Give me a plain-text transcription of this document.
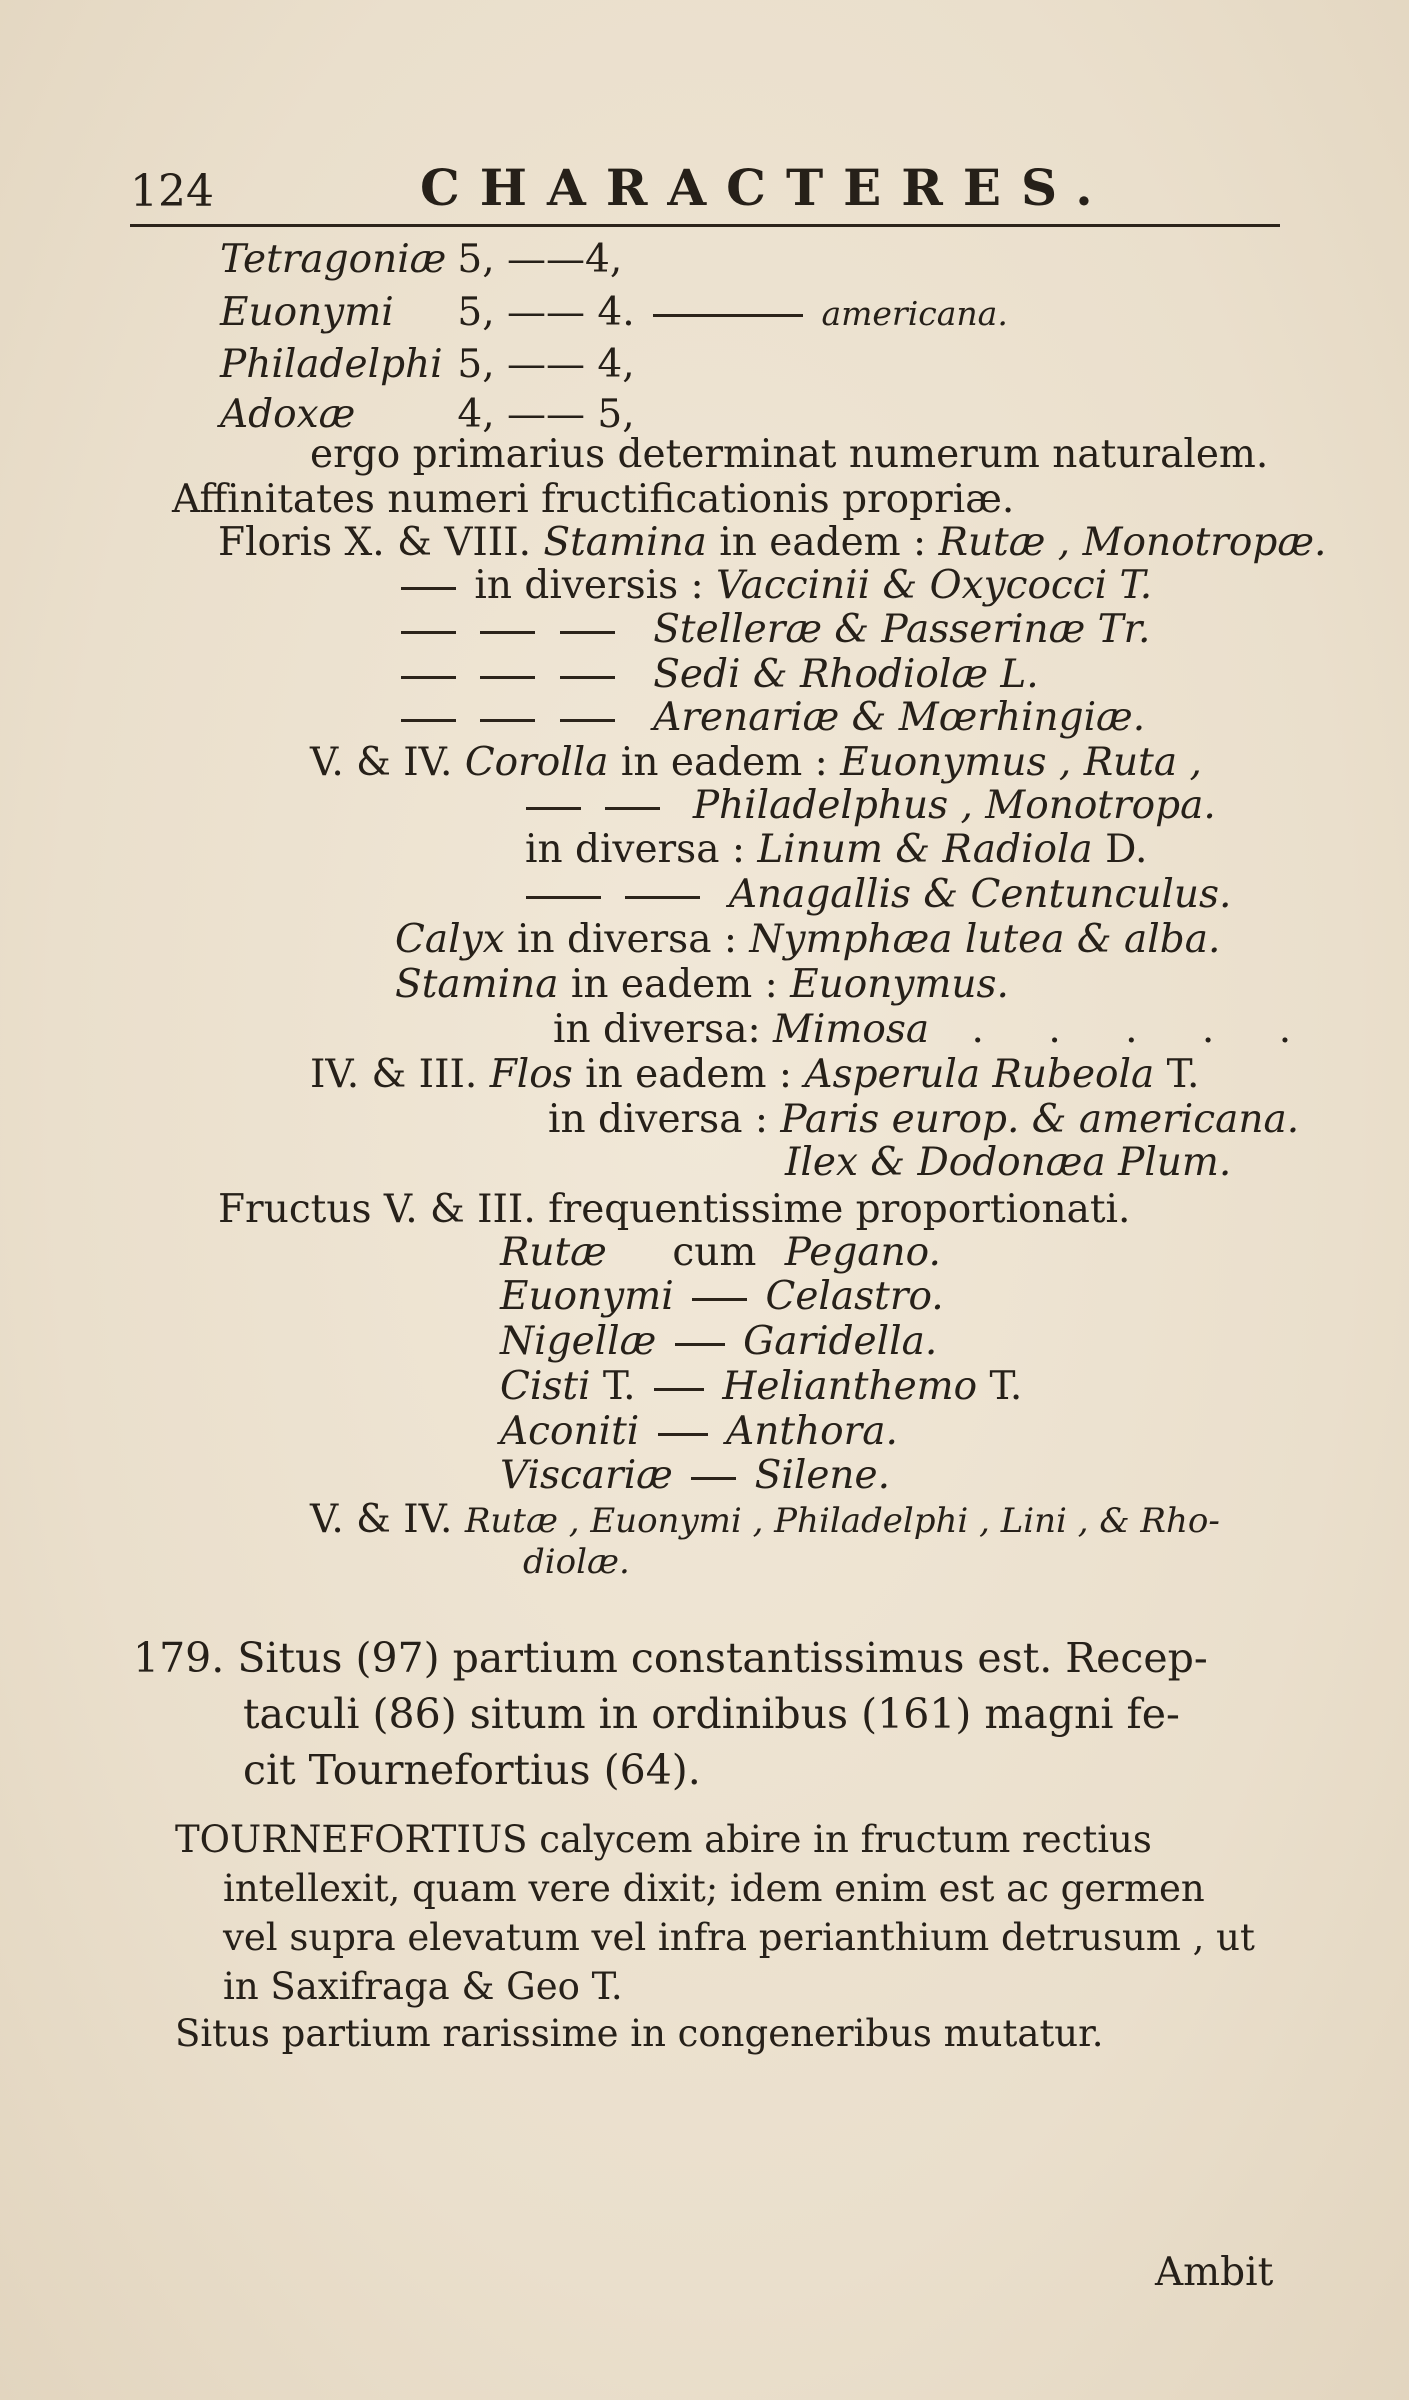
124	CHARACTERES.
Tetragoniæ 5, ——4,
Euonymi 5, —— 4.	americana.
Philadelphi 5, —— 4,
Adoxæ	4, —— 5,
ergo primarius determinat numerum naturalem.
Affinitates numeri fructificationis propriæ.
Floris X. & VIII. Stamina in eadem : Rutæ , Monotropæ.
in diversis : Vaccinii & Oxycocci T.
Stelleræ & Passerinæ Tr.
Sedi & Rhodiolæ L.
Arenariæ & Mœrhingiæ.
V. & IV. Corolla in eadem : Euonymus , Ruta ,
Philadelphus , Monotropa.
in diversa : Linum & Radiola D.
Anagallis & Centunculus.
Calyx in diversa : Nymphæa lutea & alba.
Stamina in eadem : Euonymus.
in diversa: Mimosa . . . . .
IV. & III. Flos in eadem : Asperula Rubeola T.
in diversa : Paris europ. & americana.
Ilex & Dodonæa Plum.
Fructus V. & III. frequentissime proportionati.
Rutæ cum Pegano.
Euonymi Celastro.
Nigellæ Garidella.
Cisti T. Helianthemo T.
Aconiti Anthora.
Viscariæ Silene.
V. & IV. Rutæ , Euonymi , Philadelphi , Lini , & Rho-
diolæ.
179. Situs (97) partium constantissimus est. Recep-
taculi (86) situm in ordinibus (161) magni fe-
cit Tournefortius (64).
TOURNEFORTIUS calycem abire in fructum rectius
intellexit, quam vere dixit; idem enim est ac germen
vel supra elevatum vel infra perianthium detrusum , ut
in Saxifraga & Geo T.
Situs partium rarissime in congeneribus mutatur.
Ambit
